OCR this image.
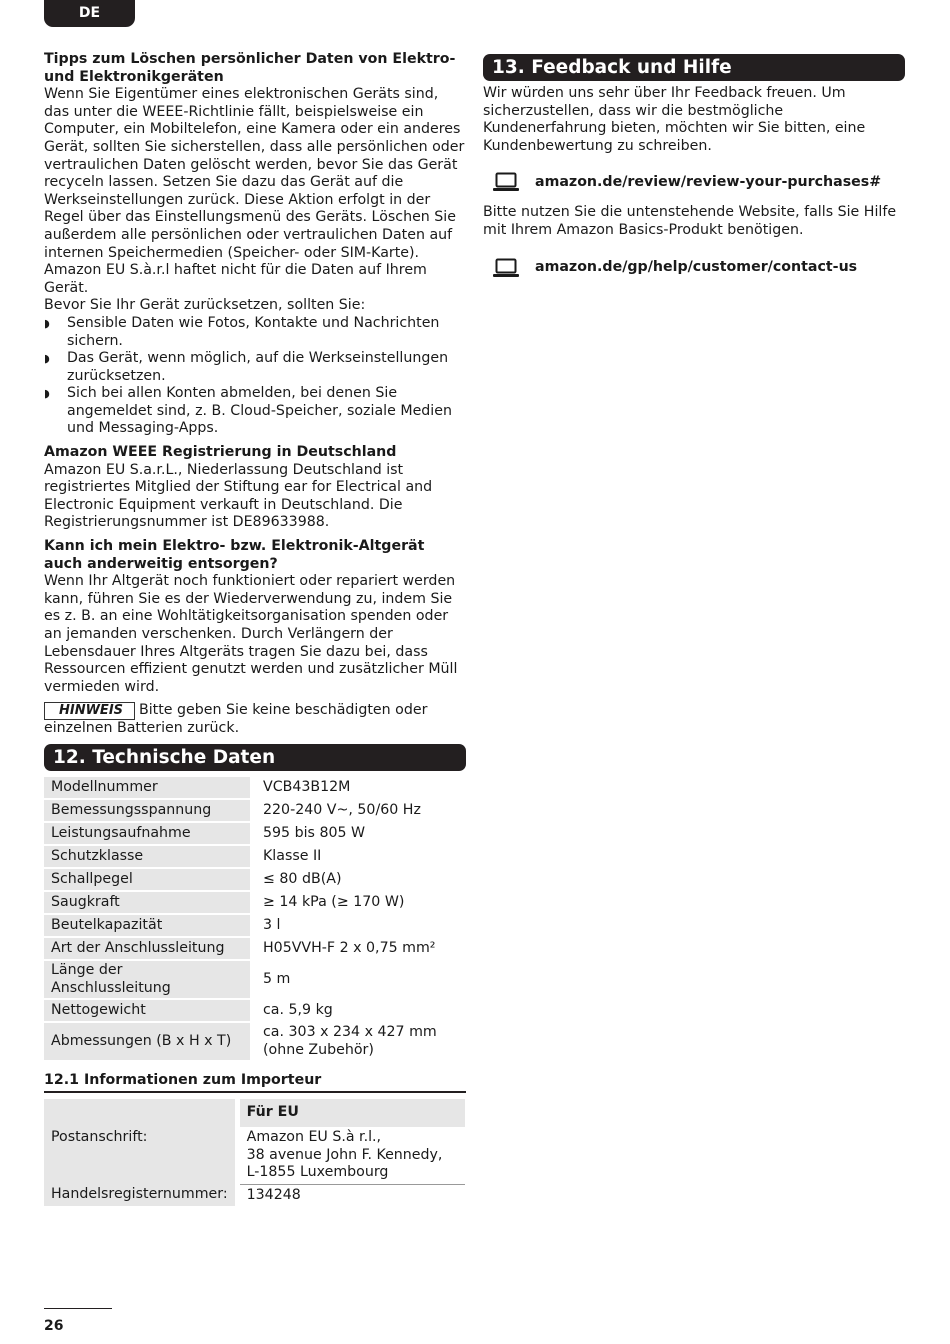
DE

Tipps zum Löschen persönlicher Daten von Elektro- und Elektronikgeräten

Wenn Sie Eigentümer eines elektronischen Geräts sind, das unter die WEEE-Richtlinie fällt, beispielsweise ein Computer, ein Mobiltelefon, eine Kamera oder ein anderes Gerät, sollten Sie sicherstellen, dass alle persönlichen oder vertraulichen Daten gelöscht werden, bevor Sie das Gerät recyceln lassen. Setzen Sie dazu das Gerät auf die Werkseinstellungen zurück. Diese Aktion erfolgt in der Regel über das Einstellungsmenü des Geräts. Löschen Sie außerdem alle persönlichen oder vertraulichen Daten auf internen Speichermedien (Speicher- oder SIM-Karte). Amazon EU S.à.r.l haftet nicht für die Daten auf Ihrem Gerät.

Bevor Sie Ihr Gerät zurücksetzen, sollten Sie:

◗ Sensible Daten wie Fotos, Kontakte und Nachrichten sichern.
◗ Das Gerät, wenn möglich, auf die Werkseinstellungen zurücksetzen.
◗ Sich bei allen Konten abmelden, bei denen Sie angemeldet sind, z. B. Cloud-Speicher, soziale Medien und Messaging-Apps.

Amazon WEEE Registrierung in Deutschland

Amazon EU S.a.r.L., Niederlassung Deutschland ist registriertes Mitglied der Stiftung ear for Electrical and Electronic Equipment verkauft in Deutschland. Die Registrierungsnummer ist DE89633988.

Kann ich mein Elektro- bzw. Elektronik-Altgerät auch anderweitig entsorgen?

Wenn Ihr Altgerät noch funktioniert oder repariert werden kann, führen Sie es der Wiederverwendung zu, indem Sie es z. B. an eine Wohltätigkeitsorganisation spenden oder an jemanden verschenken. Durch Verlängern der Lebensdauer Ihres Altgeräts tragen Sie dazu bei, dass Ressourcen effizient genutzt werden und zusätzlicher Müll vermieden wird.

HINWEIS Bitte geben Sie keine beschädigten oder einzelnen Batterien zurück.

12. Technische Daten
Modellnummer	VCB43B12M
Bemessungsspannung	220-240 V~, 50/60 Hz
Leistungsaufnahme	595 bis 805 W
Schutzklasse	Klasse II
Schallpegel	≤ 80 dB(A)
Saugkraft	≥ 14 kPa (≥ 170 W)
Beutelkapazität	3 l
Art der Anschlussleitung	H05VVH-F 2 x 0,75 mm²
Länge der Anschlussleitung	5 m
Nettogewicht	ca. 5,9 kg
Abmessungen (B x H x T)	ca. 303 x 234 x 427 mm
(ohne Zubehör)
12.1 Informationen zum Importeur
	Für EU
Postanschrift:	Amazon EU S.à r.l.,
38 avenue John F. Kennedy,
L-1855 Luxembourg

Handelsregisternummer:	134248
13. Feedback und Hilfe

Wir würden uns sehr über Ihr Feedback freuen. Um sicherzustellen, dass wir die bestmögliche Kundenerfahrung bieten, möchten wir Sie bitten, eine Kundenbewertung zu schreiben.

amazon.de/review/review-your-purchases#

Bitte nutzen Sie die untenstehende Website, falls Sie Hilfe mit Ihrem Amazon Basics-Produkt benötigen.

amazon.de/gp/help/customer/contact-us
26
